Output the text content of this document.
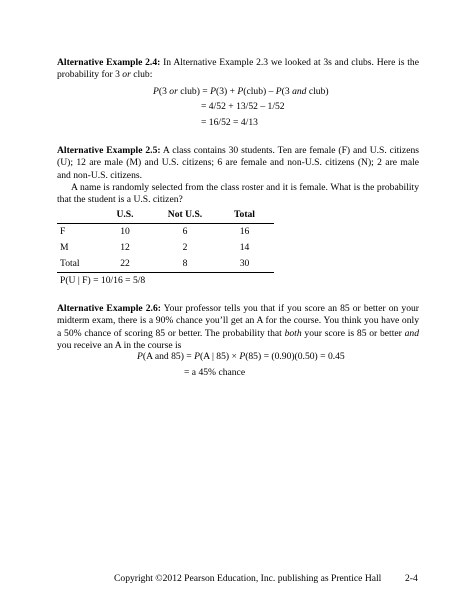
Alternative Example 2.4: In Alternative Example 2.3 we looked at 3s and clubs. Here is the probability for 3 or club:
P(3 or club) = P(3) + P(club) – P(3 and club)
= 4/52 + 13/52 – 1/52
= 16/52 = 4/13
Alternative Example 2.5: A class contains 30 students. Ten are female (F) and U.S. citizens (U); 12 are male (M) and U.S. citizens; 6 are female and non-U.S. citizens (N); 2 are male and non-U.S. citizens.
A name is randomly selected from the class roster and it is female. What is the probability that the student is a U.S. citizen?
	U.S.	Not U.S.	Total
F	10	6	16
M	12	2	14
Total	22	8	30
P(U | F) = 10/16 = 5/8
Alternative Example 2.6: Your professor tells you that if you score an 85 or better on your midterm exam, there is a 90% chance you’ll get an A for the course. You think you have only a 50% chance of scoring 85 or better. The probability that both your score is 85 or better and you receive an A in the course is
P(A and 85) = P(A | 85) × P(85) = (0.90)(0.50) = 0.45
= a 45% chance
Copyright ©2012 Pearson Education, Inc. publishing as Prentice Hall 2-4
